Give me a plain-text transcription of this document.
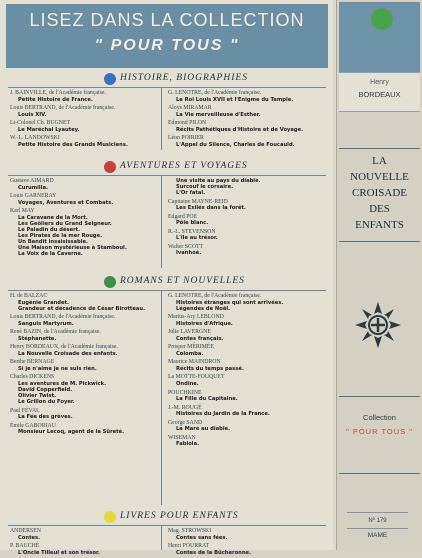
LISEZ DANS LA COLLECTION
" POUR TOUS "
HISTOIRE, BIOGRAPHIES
J. BAINVILLE, de l'Académie française.
Petite Histoire de France.
Louis BERTRAND, de l'Académie française.
Louis XIV.
Lt-Colonel Ch. BUGNET
Le Maréchal Lyautey.
W.-L. LANDOWSKI
Petite Histoire des Grands Musiciens.
G. LENOTRE, de l'Académie française.
Le Roi Louis XVII et l'Enigme du Temple.
Aloys MIRAMAR
La Vie merveilleuse d'Esther.
Edmond PILON
Récits Pathétiques d'Histoire et de Voyage.
Léon POIRIER
L'Appel du Silence, Charles de Foucauld.
AVENTURES ET VOYAGES
Gustave AIMARD
Curumilla.
Louis GARNERAY
Voyages, Aventures et Combats.
Karl MAY
La Caravane de la Mort.
Les Geôliers du Grand Seigneur.
Le Paladin du désert.
Les Pirates de la mer Rouge.
Un Bandit insaisissable.
Une Maison mystérieuse à Stamboul.
La Voix de la Caverne.
Une visite au pays du diable.
Surcouf le corsaire.
L'Or fatal.
Capitaine MAYNE-REID
Les Exilés dans la forêt.
Edgard POE
Pôle blanc.
R.-L. STEVENSON
L'île au trésor.
Walter SCOTT
Ivanhoé.
ROMANS ET NOUVELLES
H. de BALZAC
Eugénie Grandet.
Grandeur et décadence de César Birotteau.
Louis BERTRAND, de l'Académie française.
Sanguis Martyrum.
René BAZIN, de l'Académie française.
Stéphanette.
Henry BORDEAUX, de l'Académie française.
La Nouvelle Croisade des enfants.
Berthe BERNAGE
Si je n'aime je ne suis rien.
Charles DICKENS
Les aventures de M. Pickwick.
David Copperfield.
Olivier Twist.
Le Grillon du Foyer.
Paul FÉVAL
La Fée des grèves.
Émile GABORIAU
Monsieur Lecoq, agent de la Sûreté.
G. LENOTRE, de l'Académie française.
Histoires étranges qui sont arrivées.
Légendes de Noël.
Marius-Ary LEBLOND
Histoires d'Afrique.
Julie LAVERGNE
Contes français.
Prosper MÉRIMÉE
Colomba.
Maurice MAINDRON
Récits du temps passé.
La MOTTE-FOUQUET
Ondine.
POUCHKINE
La Fille du Capitaine.
J.-M. ROUGÉ
Histoires du Jardin de la France.
George SAND
La Mare au diable.
WISEMAN
Fabiola.
LIVRES POUR ENFANTS
ANDERSEN
Contes.
P. BAUCHÉ
L'Oncle Tilleul et son trésor.
Mag. STROWSKI
Contes sans fées.
Henri POURRAT
Contes de la Bûcheronne.
Henry
BORDEAUX
LA
NOUVELLE
CROISADE
DES
ENFANTS
Collection
" POUR TOUS "
Nº 179
MAME
